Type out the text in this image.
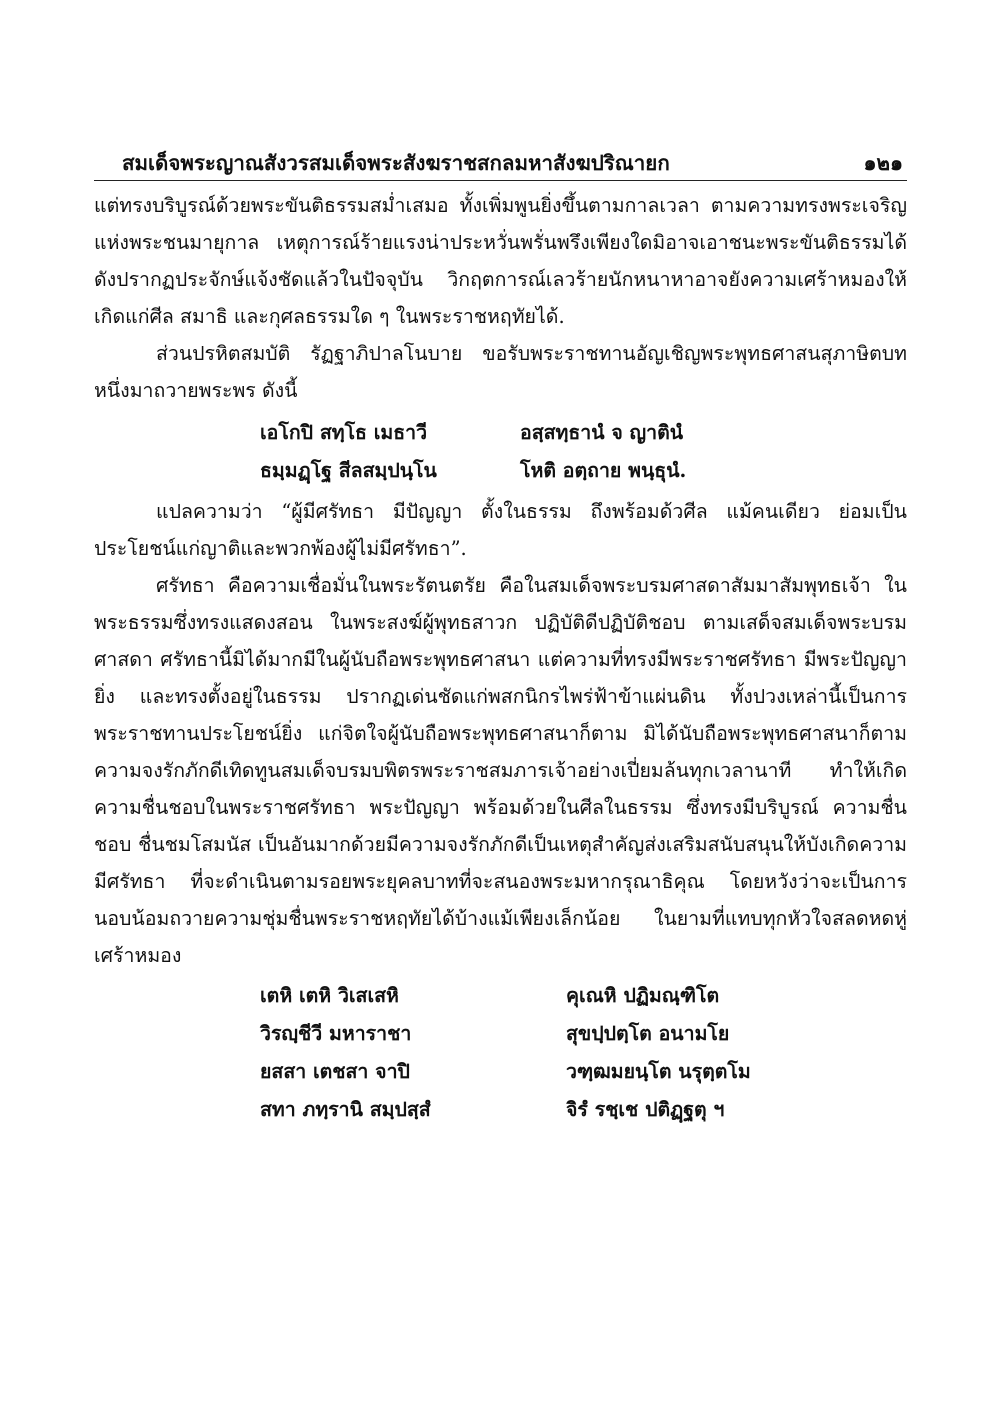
สมเด็จพระญาณสังวรสมเด็จพระสังฆราชสกลมหาสังฆปริณายก	๑๒๑

แต่ทรงบริบูรณ์ด้วยพระขันติธรรมสม่ำเสมอ ทั้งเพิ่มพูนยิ่งขึ้นตามกาลเวลา ตามความทรงพระเจริญแห่งพระชนมายุกาล เหตุการณ์ร้ายแรงน่าประหวั่นพรั่นพรึงเพียงใดมิอาจเอาชนะพระขันติธรรมได้ ดังปรากฏประจักษ์แจ้งชัดแล้วในปัจจุบัน วิกฤตการณ์เลวร้ายนักหนาหาอาจยังความเศร้าหมองให้เกิดแก่ศีล สมาธิ และกุศลธรรมใด ๆ ในพระราชหฤทัยได้.

ส่วนปรหิตสมบัติ รัฏฐาภิปาลโนบาย ขอรับพระราชทานอัญเชิญพระพุทธศาสนสุภาษิตบทหนึ่งมาถวายพระพร ดังนี้

เอโกปิ สทฺโธ เมธาวี	อสฺสทฺธานํ จ ญาตินํ
ธมฺมฏฺโฐ สีลสมฺปนฺโน	โหติ อตฺถาย พนฺธุนํ.

แปลความว่า “ผู้มีศรัทธา มีปัญญา ตั้งในธรรม ถึงพร้อมด้วศีล แม้คนเดียว ย่อมเป็นประโยชน์แก่ญาติและพวกพ้องผู้ไม่มีศรัทธา”.

ศรัทธา คือความเชื่อมั่นในพระรัตนตรัย คือในสมเด็จพระบรมศาสดาสัมมาสัมพุทธเจ้า ในพระธรรมซึ่งทรงแสดงสอน ในพระสงฆ์ผู้พุทธสาวก ปฏิบัติดีปฏิบัติชอบ ตามเสด็จสมเด็จพระบรมศาสดา ศรัทธานี้มิได้มากมีในผู้นับถือพระพุทธศาสนา แต่ความที่ทรงมีพระราชศรัทธา มีพระปัญญายิ่ง และทรงตั้งอยู่ในธรรม ปรากฏเด่นชัดแก่พสกนิกรไพร่ฟ้าข้าแผ่นดิน ทั้งปวงเหล่านี้เป็นการพระราชทานประโยชน์ยิ่ง แก่จิตใจผู้นับถือพระพุทธศาสนาก็ตาม มิได้นับถือพระพุทธศาสนาก็ตาม ความจงรักภักดีเทิดทูนสมเด็จบรมบพิตรพระราชสมภารเจ้าอย่างเปี่ยมล้นทุกเวลานาที ทำให้เกิดความชื่นชอบในพระราชศรัทธา พระปัญญา พร้อมด้วยในศีลในธรรม ซึ่งทรงมีบริบูรณ์ ความชื่นชอบ ชื่นชมโสมนัส เป็นอันมากด้วยมีความจงรักภักดีเป็นเหตุสำคัญส่งเสริมสนับสนุนให้บังเกิดความมีศรัทธา ที่จะดำเนินตามรอยพระยุคลบาทที่จะสนองพระมหากรุณาธิคุณ โดยหวังว่าจะเป็นการนอบน้อมถวายความชุ่มชื่นพระราชหฤทัยได้บ้างแม้เพียงเล็กน้อย ในยามที่แทบทุกหัวใจสลดหดหู่เศร้าหมอง

เตหิ เตหิ วิเสเสหิ	คุเณหิ ปฏิมณฺฑิโต
วิรญฺชีวี มหาราชา	สุขปฺปตฺโต อนามโย
ยสสา เตชสา จาปิ	วฑฺฒมยนฺโต นรุตฺตโม
สทา ภทฺรานิ สมฺปสฺสํ	จิรํ รชฺเช ปติฏฺฐตุ ฯ
